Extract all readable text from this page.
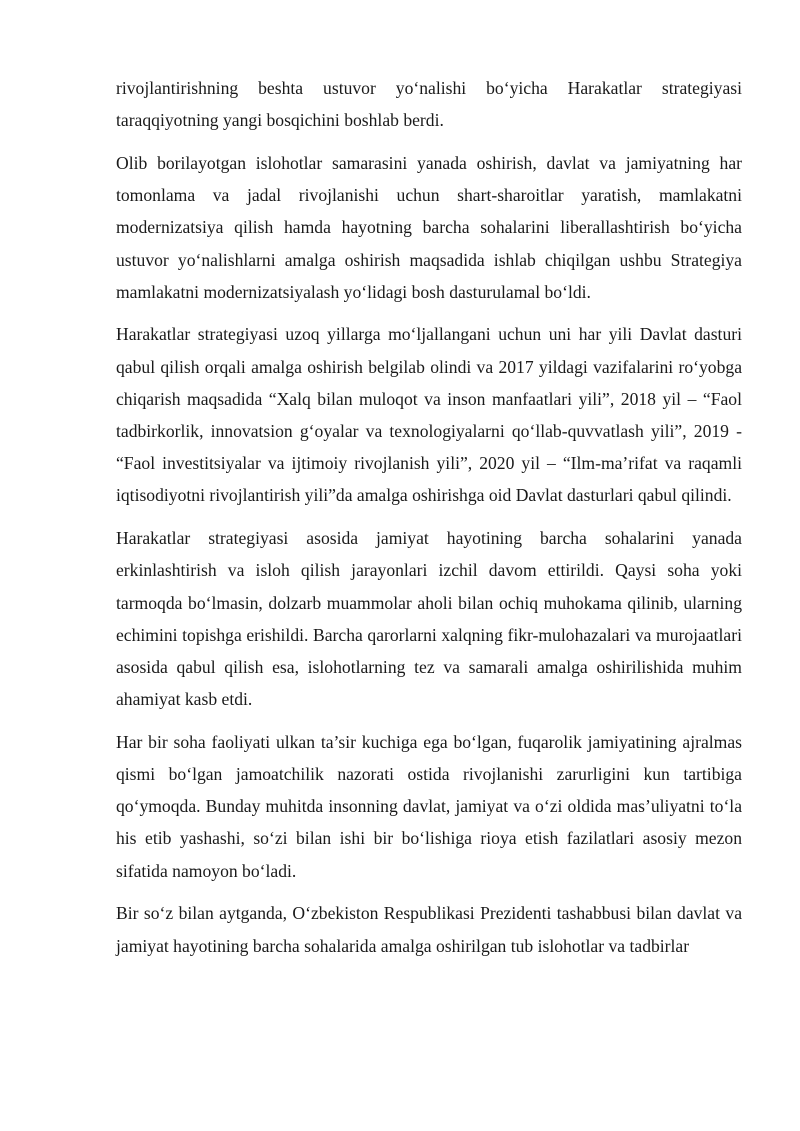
rivojlantirishning beshta ustuvor yo‘nalishi bo‘yicha Harakatlar strategiyasi taraqqiyotning yangi bosqichini boshlab berdi.

Olib borilayotgan islohotlar samarasini yanada oshirish, davlat va jamiyatning har tomonlama va jadal rivojlanishi uchun shart-sharoitlar yaratish, mamlakatni modernizatsiya qilish hamda hayotning barcha sohalarini liberallashtirish bo‘yicha ustuvor yo‘nalishlarni amalga oshirish maqsadida ishlab chiqilgan ushbu Strategiya mamlakatni modernizatsiyalash yo‘lidagi bosh dasturulamal bo‘ldi.

Harakatlar strategiyasi uzoq yillarga mo‘ljallangani uchun uni har yili Davlat dasturi qabul qilish orqali amalga oshirish belgilab olindi va 2017 yildagi vazifalarini ro‘yobga chiqarish maqsadida “Xalq bilan muloqot va inson manfaatlari yili”, 2018 yil – “Faol tadbirkorlik, innovatsion g‘oyalar va texnologiyalarni qo‘llab-quvvatlash yili”, 2019 - “Faol investitsiyalar va ijtimoiy rivojlanish yili”, 2020 yil – “Ilm-ma’rifat va raqamli iqtisodiyotni rivojlantirish yili”da amalga oshirishga oid Davlat dasturlari qabul qilindi.

Harakatlar strategiyasi asosida jamiyat hayotining barcha sohalarini yanada erkinlashtirish va isloh qilish jarayonlari izchil davom ettirildi. Qaysi soha yoki tarmoqda bo‘lmasin, dolzarb muammolar aholi bilan ochiq muhokama qilinib, ularning echimini topishga erishildi. Barcha qarorlarni xalqning fikr-mulohazalari va murojaatlari asosida qabul qilish esa, islohotlarning tez va samarali amalga oshirilishida muhim ahamiyat kasb etdi.

Har bir soha faoliyati ulkan ta’sir kuchiga ega bo‘lgan, fuqarolik jamiyatining ajralmas qismi bo‘lgan jamoatchilik nazorati ostida rivojlanishi zarurligini kun tartibiga qo‘ymoqda. Bunday muhitda insonning davlat, jamiyat va o‘zi oldida mas’uliyatni to‘la his etib yashashi, so‘zi bilan ishi bir bo‘lishiga rioya etish fazilatlari asosiy mezon sifatida namoyon bo‘ladi.

Bir so‘z bilan aytganda, O‘zbekiston Respublikasi Prezidenti tashabbusi bilan davlat va jamiyat hayotining barcha sohalarida amalga oshirilgan tub islohotlar va tadbirlar
